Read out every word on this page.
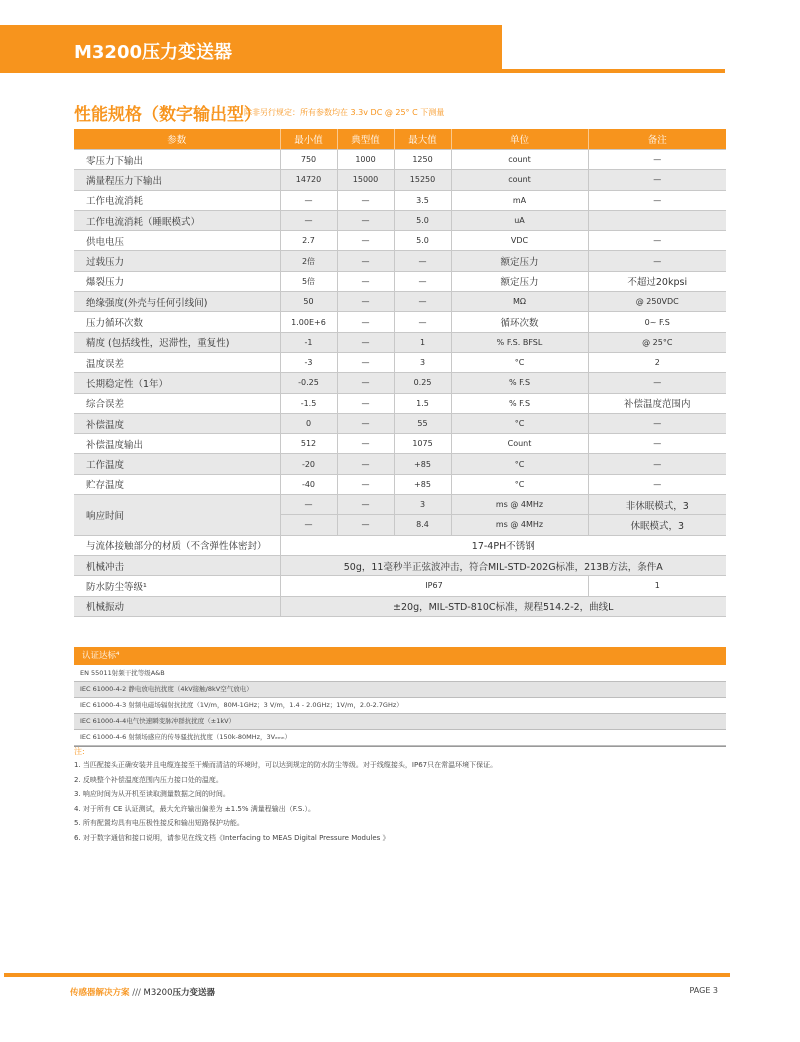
M3200压力变送器
性能规格（数字输出型）
除非另行规定：所有参数均在 3.3v DC @ 25° C 下测量
参数	最小值	典型值	最大值	单位	备注
零压力下输出	750	1000	1250	count	—
满量程压力下输出	14720	15000	15250	count	—
工作电流消耗	—	—	3.5	mA	—
工作电流消耗（睡眠模式）	—	—	5.0	uA	
供电电压	2.7	—	5.0	VDC	—
过载压力	2倍	—	—	额定压力	—
爆裂压力	5倍	—	—	额定压力	不超过20kpsi
绝缘强度(外壳与任何引线间)	50	—	—	MΩ	@ 250VDC
压力循环次数	1.00E+6	—	—	循环次数	0~ F.S
精度 (包括线性，迟滞性，重复性)	-1	—	1	% F.S. BFSL	@ 25°C
温度误差	-3	—	3	°C	2
长期稳定性（1年）	-0.25	—	0.25	% F.S	—
综合误差	-1.5	—	1.5	% F.S	补偿温度范围内
补偿温度	0	—	55	°C	—
补偿温度输出	512	—	1075	Count	—
工作温度	-20	—	+85	°C	—
贮存温度	-40	—	+85	°C	—
响应时间	—	—	3	ms @ 4MHz	非休眠模式，3
	—	—	8.4	ms @ 4MHz	休眠模式，3
与流体接触部分的材质（不含弹性体密封）	17-4PH不锈钢				
机械冲击	50g，11毫秒半正弦波冲击，符合MIL-STD-202G标准，213B方法，条件A				
防水防尘等级¹	IP67				1
机械振动	±20g，MIL-STD-810C标准，规程514.2-2，曲线L				
认证达标⁴
EN 55011射频干扰等级A&B
IEC 61000-4-2 静电放电抗扰度（4kV接触/8kV空气放电）
IEC 61000-4-3 射频电磁场辐射抗扰度（1V/m，80M-1GHz；3 V/m，1.4 - 2.0GHz；1V/m，2.0-2.7GHz）
IEC 61000-4-4电气快速瞬变脉冲群抗扰度（±1kV）
IEC 61000-4-6 射频场感应的传导骚扰抗扰度（150k-80MHz，3Vₑₘₙ）
注:
1. 当匹配接头正确安装并且电缆连接至干燥而清洁的环境时，可以达到规定的防水防尘等级。对于线缆接头，IP67只在常温环境下保证。
2. 反映整个补偿温度范围内压力接口处的温度。
3. 响应时间为从开机至读取测量数据之间的时间。
4. 对于所有 CE 认证测试，最大允许输出偏差为 ±1.5% 满量程输出（F.S.）。
5. 所有配置均具有电压极性接反和输出短路保护功能。
6. 对于数字通信和接口说明，请参见在线文档《Interfacing to MEAS Digital Pressure Modules 》
传感器解决方案 /// M3200压力变送器	PAGE 3
